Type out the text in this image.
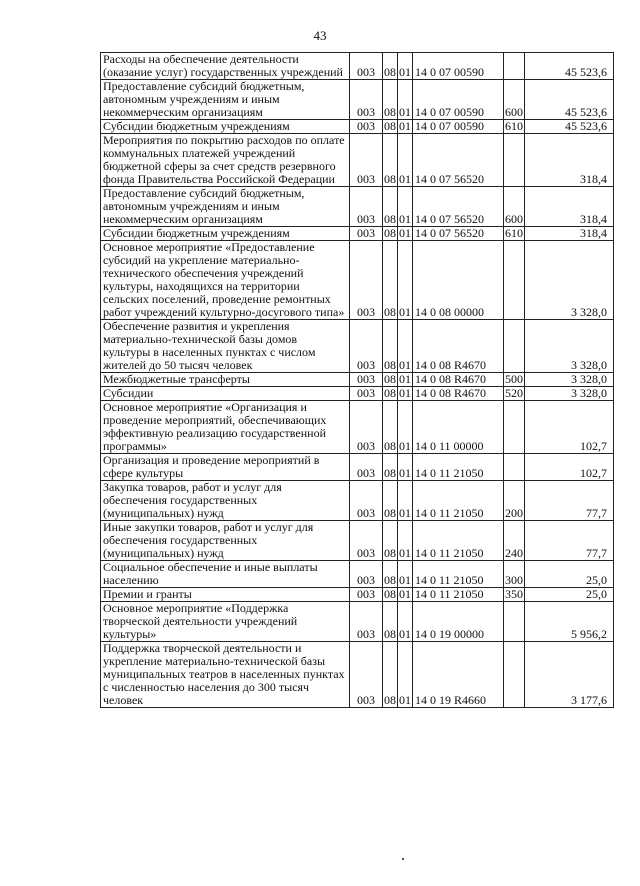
43
Расходы на обеспечение деятельности (оказание услуг) государственных учреждений	003	08	01	14 0 07 00590		45 523,6
Предоставление субсидий бюджетным, автономным учреждениям и иным некоммерческим организациям	003	08	01	14 0 07 00590	600	45 523,6
Субсидии бюджетным учреждениям	003	08	01	14 0 07 00590	610	45 523,6
Мероприятия по покрытию расходов по оплате коммунальных платежей учреждений бюджетной сферы за счет средств резервного фонда Правительства Российской Федерации	003	08	01	14 0 07 56520		318,4
Предоставление субсидий бюджетным, автономным учреждениям и иным некоммерческим организациям	003	08	01	14 0 07 56520	600	318,4
Субсидии бюджетным учреждениям	003	08	01	14 0 07 56520	610	318,4
Основное мероприятие «Предоставление субсидий на укрепление материально-технического обеспечения учреждений культуры, находящихся на территории сельских поселений, проведение ремонтных работ учреждений культурно-досугового типа»	003	08	01	14 0 08 00000		3 328,0
Обеспечение развития и укрепления материально-технической базы домов культуры в населенных пунктах с числом жителей до 50 тысяч человек	003	08	01	14 0 08 R4670		3 328,0
Межбюджетные трансферты	003	08	01	14 0 08 R4670	500	3 328,0
Субсидии	003	08	01	14 0 08 R4670	520	3 328,0
Основное мероприятие «Организация и проведение мероприятий, обеспечивающих эффективную реализацию государственной программы»	003	08	01	14 0 11 00000		102,7
Организация и проведение мероприятий в сфере культуры	003	08	01	14 0 11 21050		102,7
Закупка товаров, работ и услуг для обеспечения государственных (муниципальных) нужд	003	08	01	14 0 11 21050	200	77,7
Иные закупки товаров, работ и услуг для обеспечения государственных (муниципальных) нужд	003	08	01	14 0 11 21050	240	77,7
Социальное обеспечение и иные выплаты населению	003	08	01	14 0 11 21050	300	25,0
Премии и гранты	003	08	01	14 0 11 21050	350	25,0
Основное мероприятие «Поддержка творческой деятельности учреждений культуры»	003	08	01	14 0 19 00000		5 956,2
Поддержка творческой деятельности и укрепление материально-технической базы муниципальных театров в населенных пунктах с численностью населения до 300 тысяч человек	003	08	01	14 0 19 R4660		3 177,6
